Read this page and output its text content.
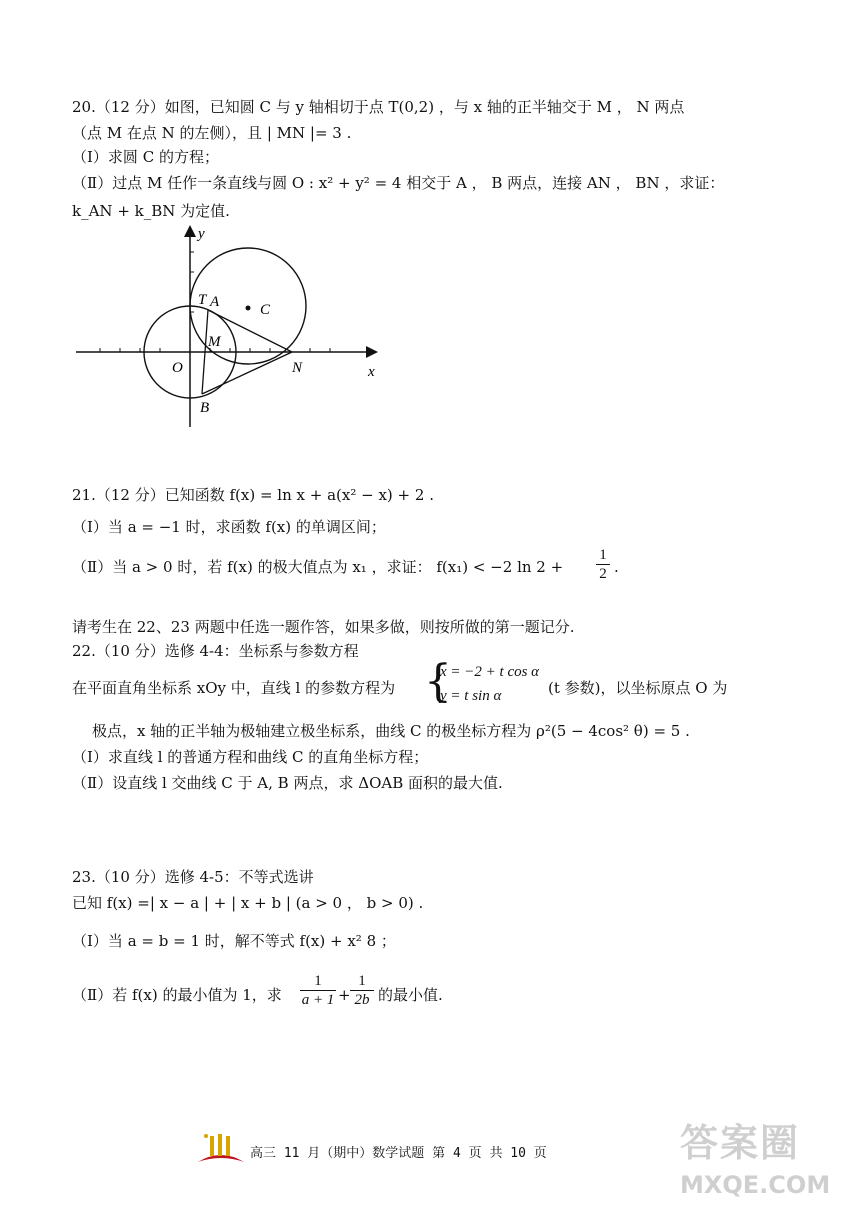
20.（12 分）如图，已知圆 C 与 y 轴相切于点 T(0,2) ，与 x 轴的正半轴交于 M ， N 两点
（点 M 在点 N 的左侧），且 | MN |= 3 .
（Ⅰ）求圆 C 的方程；
（Ⅱ）过点 M 任作一条直线与圆 O : x² + y² = 4 相交于 A ， B 两点，连接 AN ， BN ，求证：
k_AN + k_BN 为定值.
y
x
T A	C
M
O	N
B
21.（12 分）已知函数 f(x) = ln x + a(x² − x) + 2 .
（Ⅰ）当 a = −1 时，求函数 f(x) 的单调区间；
（Ⅱ）当 a > 0 时，若 f(x) 的极大值点为 x₁ ，求证： f(x₁) < −2 ln 2 +
1
2 .
请考生在 22、23 两题中任选一题作答，如果多做，则按所做的第一题记分.
22.（10 分）选修 4-4：坐标系与参数方程
在平面直角坐标系 xOy 中，直线 l 的参数方程为 {
x = −2 + t cos α
y = t sin α	(t 参数)，以坐标原点 O 为
极点，x 轴的正半轴为极轴建立极坐标系，曲线 C 的极坐标方程为 ρ²(5 − 4cos² θ) = 5 .
（Ⅰ）求直线 l 的普通方程和曲线 C 的直角坐标方程；
（Ⅱ）设直线 l 交曲线 C 于 A, B 两点，求 ΔOAB 面积的最大值.
23.（10 分）选修 4-5：不等式选讲
已知 f(x) =| x − a | + | x + b | (a > 0 ， b > 0) .
（Ⅰ）当 a = b = 1 时，解不等式 f(x) + x² 8 ；
（Ⅱ）若 f(x) 的最小值为 1，求
1
a + 1 +
1
2b 的最小值.
高三 11 月（期中）数学试题 第 4 页 共 10 页	答案圈
MXQE.COM
